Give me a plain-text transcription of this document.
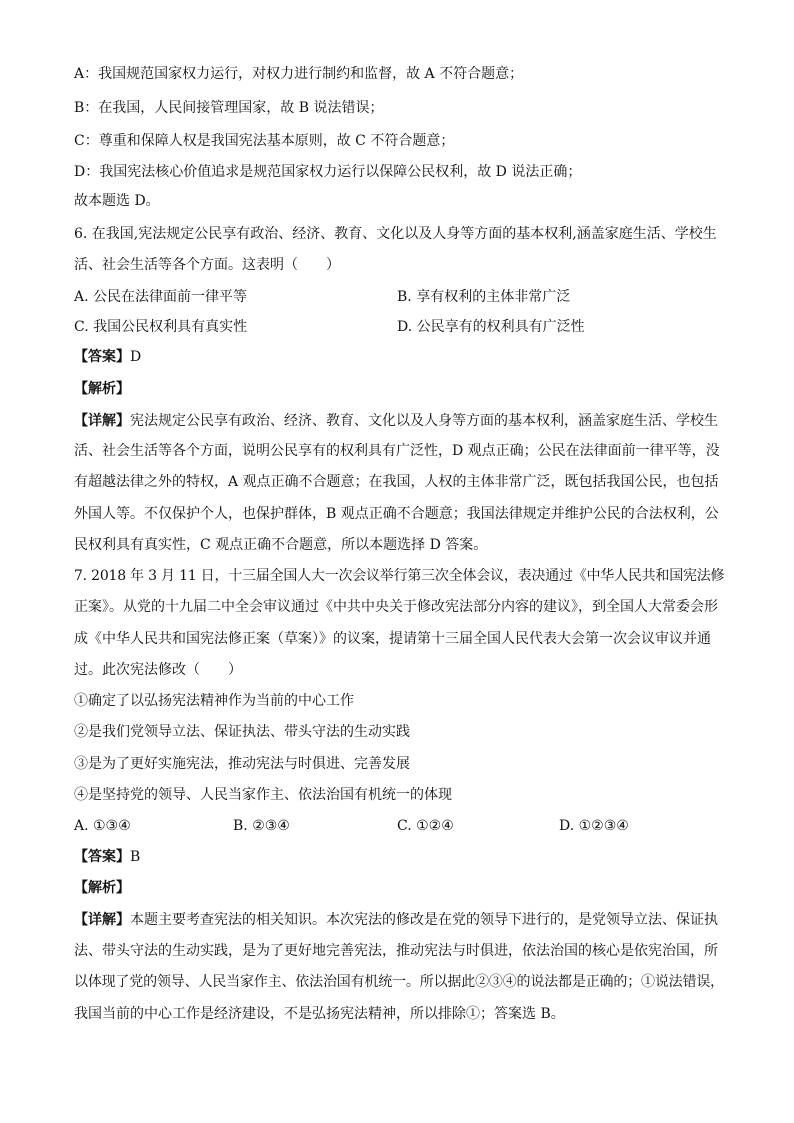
A：我国规范国家权力运行，对权力进行制约和监督，故 A 不符合题意；
B：在我国，人民间接管理国家，故 B 说法错误；
C：尊重和保障人权是我国宪法基本原则，故 C 不符合题意；
D：我国宪法核心价值追求是规范国家权力运行以保障公民权利，故 D 说法正确；
故本题选 D。
6. 在我国,宪法规定公民享有政治、经济、教育、文化以及人身等方面的基本权利,涵盖家庭生活、学校生
活、社会生活等各个方面。这表明（　　）
A. 公民在法律面前一律平等	B. 享有权利的主体非常广泛
C. 我国公民权利具有真实性	D. 公民享有的权利具有广泛性
【答案】D
【解析】
【详解】宪法规定公民享有政治、经济、教育、文化以及人身等方面的基本权利，涵盖家庭生活、学校生
活、社会生活等各个方面，说明公民享有的权利具有广泛性，D 观点正确；公民在法律面前一律平等，没
有超越法律之外的特权，A 观点正确不合题意；在我国，人权的主体非常广泛，既包括我国公民，也包括
外国人等。不仅保护个人，也保护群体，B 观点正确不合题意；我国法律规定并维护公民的合法权利，公
民权利具有真实性，C 观点正确不合题意，所以本题选择 D 答案。
7. 2018 年 3 月 11 日，十三届全国人大一次会议举行第三次全体会议，表决通过《中华人民共和国宪法修
正案》。从党的十九届二中全会审议通过《中共中央关于修改宪法部分内容的建议》，到全国人大常委会形
成《中华人民共和国宪法修正案（草案）》的议案，提请第十三届全国人民代表大会第一次会议审议并通
过。此次宪法修改（　　）
①确定了以弘扬宪法精神作为当前的中心工作
②是我们党领导立法、保证执法、带头守法的生动实践
③是为了更好实施宪法，推动宪法与时俱进、完善发展
④是坚持党的领导、人民当家作主、依法治国有机统一的体现
A. ①③④	B. ②③④	C. ①②④	D. ①②③④
【答案】B
【解析】
【详解】本题主要考查宪法的相关知识。本次宪法的修改是在党的领导下进行的，是党领导立法、保证执
法、带头守法的生动实践，是为了更好地完善宪法，推动宪法与时俱进，依法治国的核心是依宪治国，所
以体现了党的领导、人民当家作主、依法治国有机统一。所以据此②③④的说法都是正确的；①说法错误，
我国当前的中心工作是经济建设，不是弘扬宪法精神，所以排除①；答案选 B。
